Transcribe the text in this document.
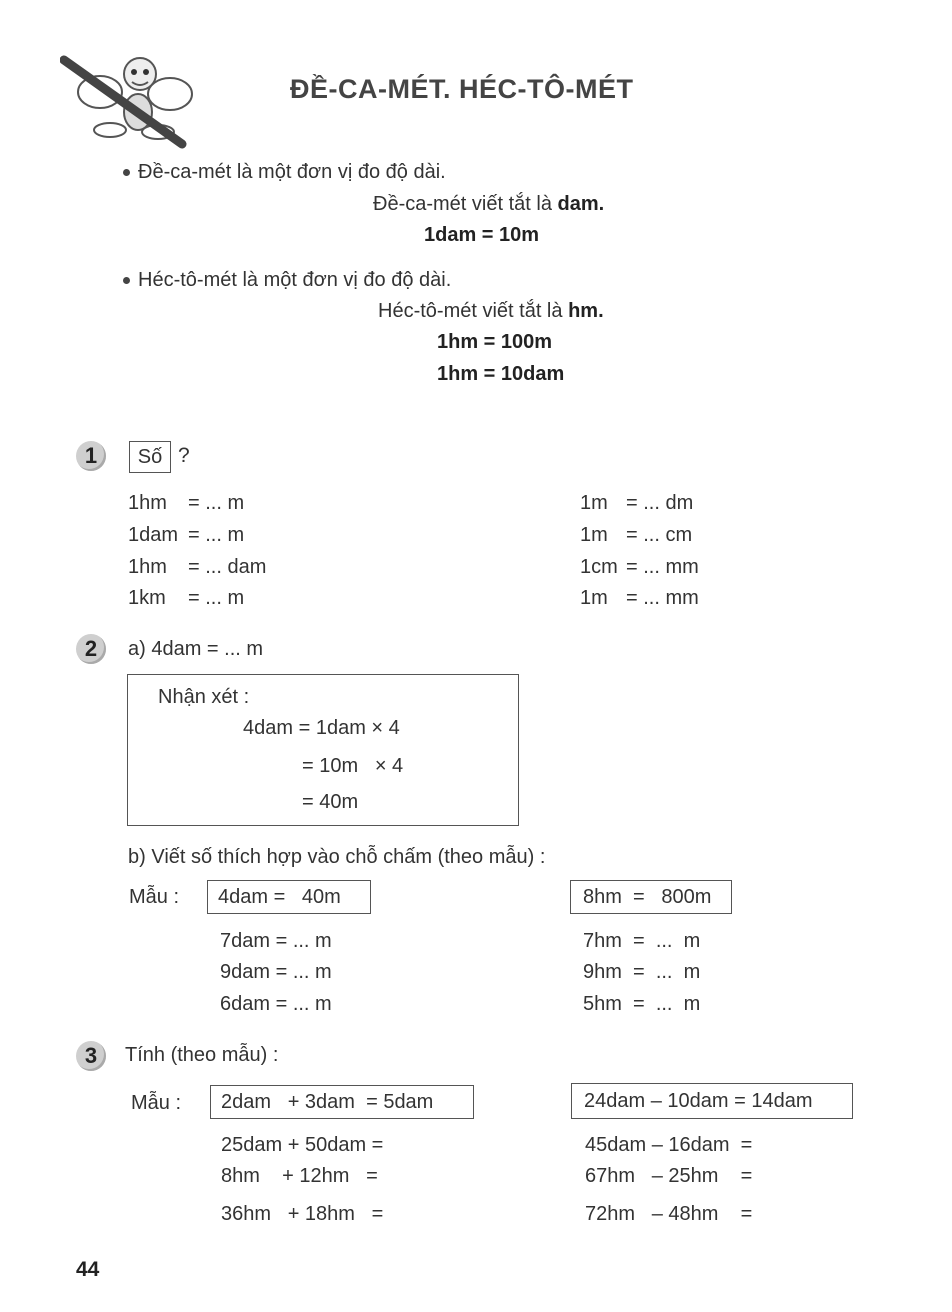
ĐỀ-CA-MÉT. HÉC-TÔ-MÉT
Đề-ca-mét là một đơn vị đo độ dài.
Đề-ca-mét viết tắt là dam.
1dam = 10m
Héc-tô-mét là một đơn vị đo độ dài.
Héc-tô-mét viết tắt là hm.
1hm = 100m
1hm = 10dam
1	Số ?
1hm	= ... m
1dam = ... m
1hm	= ... dam
1km	= ... m
1m = ... dm
1m = ... cm
1cm = ... mm
1m = ... mm
2	a) 4dam = ... m
Nhận xét :
4dam = 1dam × 4
= 10m   × 4
= 40m
b) Viết số thích hợp vào chỗ chấm (theo mẫu) :
Mẫu :	4dam =   40m	8hm  =   800m
7dam = ... m
9dam = ... m
6dam = ... m
7hm  =  ...  m
9hm  =  ...  m
5hm  =  ...  m
3	Tính (theo mẫu) :
Mẫu :	2dam   + 3dam  = 5dam	24dam – 10dam = 14dam
25dam + 50dam =
8hm    + 12hm   =
36hm   + 18hm   =
45dam – 16dam  =
67hm   – 25hm    =
72hm   – 48hm    =
44
